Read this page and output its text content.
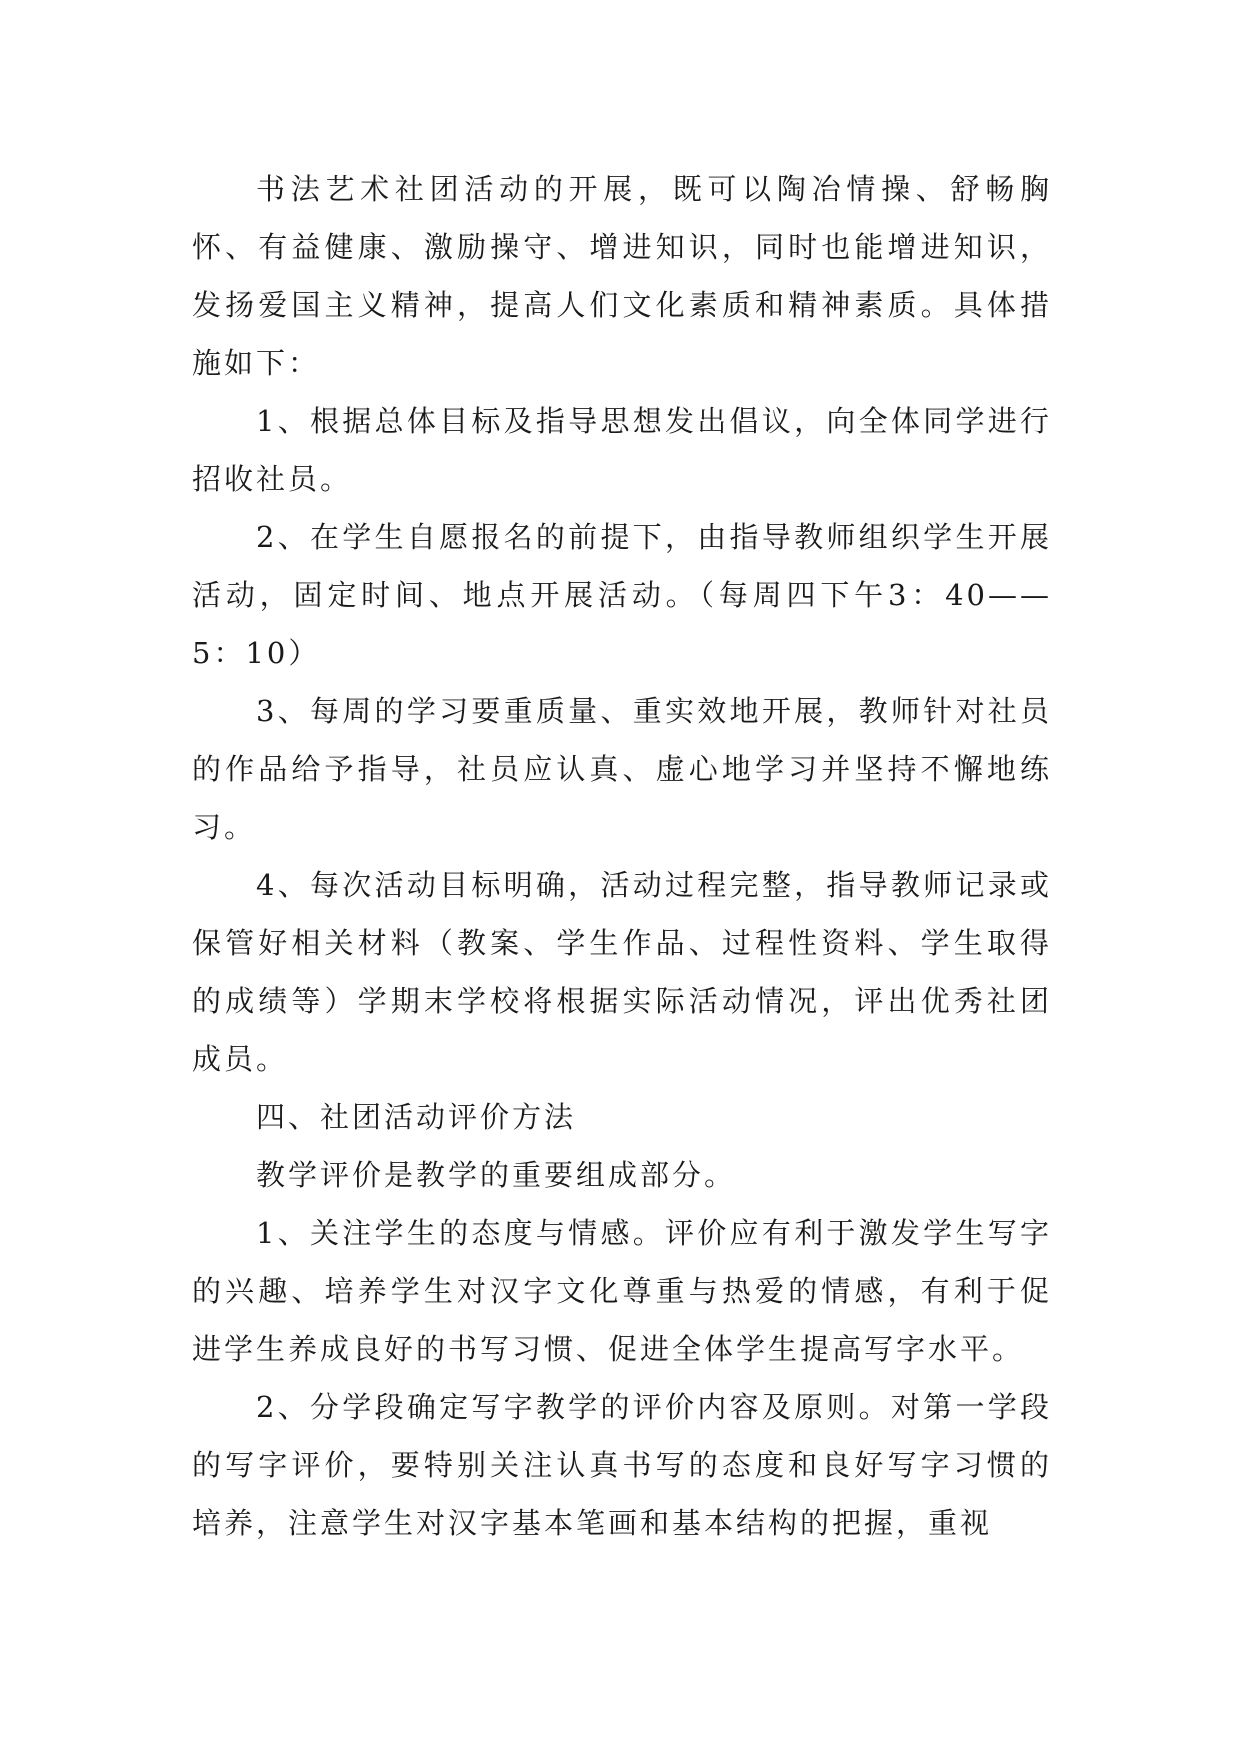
书法艺术社团活动的开展，既可以陶冶情操、舒畅胸怀、有益健康、激励操守、增进知识，同时也能增进知识，发扬爱国主义精神，提高人们文化素质和精神素质。具体措施如下：

1、根据总体目标及指导思想发出倡议，向全体同学进行招收社员。

2、在学生自愿报名的前提下，由指导教师组织学生开展活动，固定时间、地点开展活动。（每周四下午3：40——5：10）

3、每周的学习要重质量、重实效地开展，教师针对社员的作品给予指导，社员应认真、虚心地学习并坚持不懈地练习。

4、每次活动目标明确，活动过程完整，指导教师记录或保管好相关材料（教案、学生作品、过程性资料、学生取得的成绩等）学期末学校将根据实际活动情况，评出优秀社团成员。

四、社团活动评价方法

教学评价是教学的重要组成部分。

1、关注学生的态度与情感。评价应有利于激发学生写字的兴趣、培养学生对汉字文化尊重与热爱的情感，有利于促进学生养成良好的书写习惯、促进全体学生提高写字水平。

2、分学段确定写字教学的评价内容及原则。对第一学段的写字评价，要特别关注认真书写的态度和良好写字习惯的培养，注意学生对汉字基本笔画和基本结构的把握，重视
